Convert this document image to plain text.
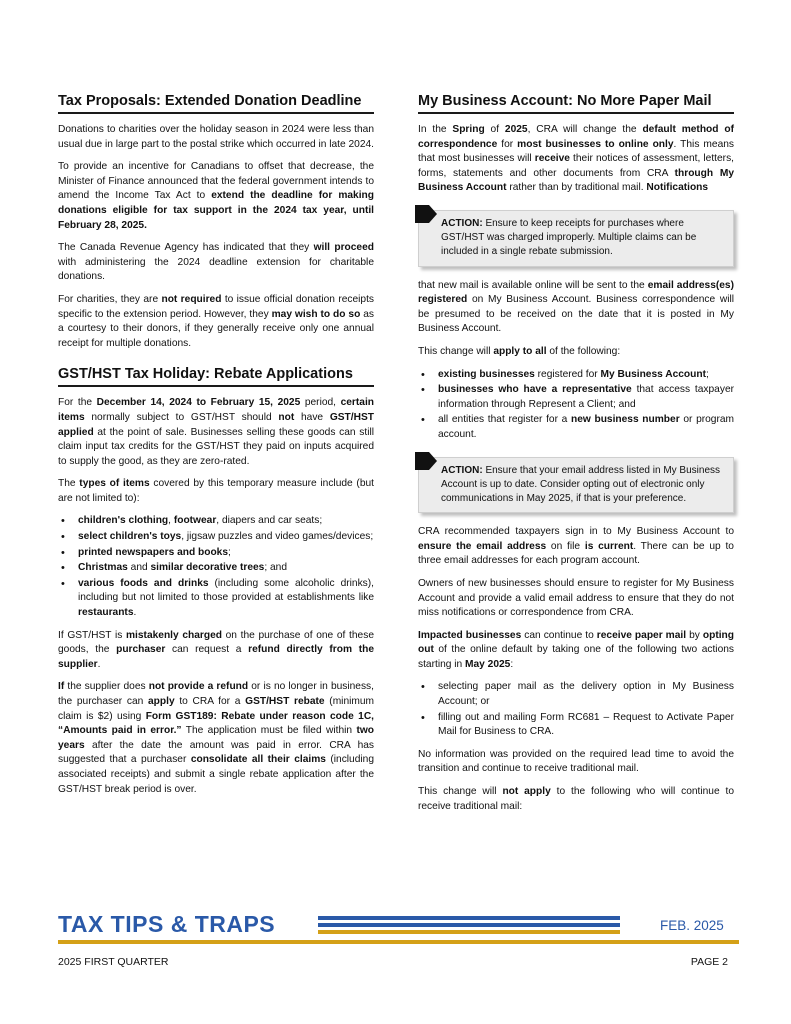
Tax Proposals: Extended Donation Deadline

Donations to charities over the holiday season in 2024 were less than usual due in large part to the postal strike which occurred in late 2024.

To provide an incentive for Canadians to offset that decrease, the Minister of Finance announced that the federal government intends to amend the Income Tax Act to extend the deadline for making donations eligible for tax support in the 2024 tax year, until February 28, 2025.

The Canada Revenue Agency has indicated that they will proceed with administering the 2024 deadline extension for charitable donations.

For charities, they are not required to issue official donation receipts specific to the extension period. However, they may wish to do so as a courtesy to their donors, if they generally receive only one annual receipt for multiple donations.

GST/HST Tax Holiday: Rebate Applications

For the December 14, 2024 to February 15, 2025 period, certain items normally subject to GST/HST should not have GST/HST applied at the point of sale. Businesses selling these goods can still claim input tax credits for the GST/HST they paid on inputs acquired to supply the good, as they are zero-rated.

The types of items covered by this temporary measure include (but are not limited to):

• children's clothing, footwear, diapers and car seats;
• select children's toys, jigsaw puzzles and video games/devices;
• printed newspapers and books;
• Christmas and similar decorative trees; and
• various foods and drinks (including some alcoholic drinks), including but not limited to those provided at establishments like restaurants.

If GST/HST is mistakenly charged on the purchase of one of these goods, the purchaser can request a refund directly from the supplier.

If the supplier does not provide a refund or is no longer in business, the purchaser can apply to CRA for a GST/HST rebate (minimum claim is $2) using Form GST189: Rebate under reason code 1C, “Amounts paid in error.” The application must be filed within two years after the date the amount was paid in error. CRA has suggested that a purchaser consolidate all their claims (including associated receipts) and submit a single rebate application after the GST/HST break period is over.

My Business Account: No More Paper Mail

In the Spring of 2025, CRA will change the default method of correspondence for most businesses to online only. This means that most businesses will receive their notices of assessment, letters, forms, statements and other documents from CRA through My Business Account rather than by traditional mail. Notifications

ACTION: Ensure to keep receipts for purchases where GST/HST was charged improperly. Multiple claims can be included in a single rebate submission.

that new mail is available online will be sent to the email address(es) registered on My Business Account. Business correspondence will be presumed to be received on the date that it is posted in My Business Account.

This change will apply to all of the following:

• existing businesses registered for My Business Account;
• businesses who have a representative that access taxpayer information through Represent a Client; and
• all entities that register for a new business number or program account.
ACTION: Ensure that your email address listed in My Business Account is up to date. Consider opting out of electronic only communications in May 2025, if that is your preference.

CRA recommended taxpayers sign in to My Business Account to ensure the email address on file is current. There can be up to three email addresses for each program account.

Owners of new businesses should ensure to register for My Business Account and provide a valid email address to ensure that they do not miss notifications or correspondence from CRA.

Impacted businesses can continue to receive paper mail by opting out of the online default by taking one of the following two actions starting in May 2025:

• selecting paper mail as the delivery option in My Business Account; or
• filling out and mailing Form RC681 – Request to Activate Paper Mail for Business to CRA.

No information was provided on the required lead time to avoid the transition and continue to receive traditional mail.

This change will not apply to the following who will continue to receive traditional mail:

TAX TIPS & TRAPS	FEB. 2025
2025 FIRST QUARTER	PAGE 2
